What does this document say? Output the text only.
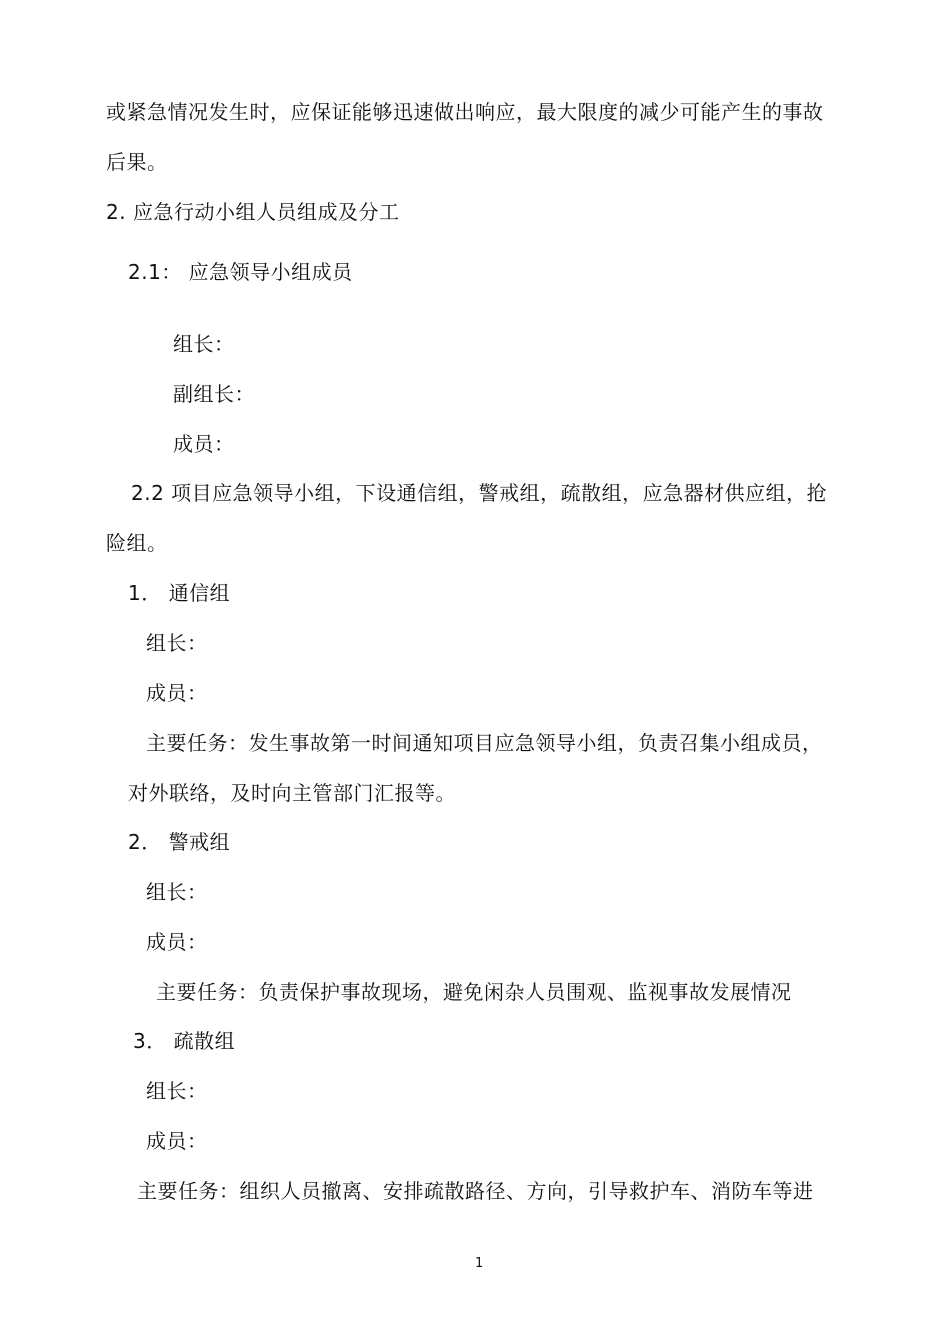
或紧急情况发生时，应保证能够迅速做出响应，最大限度的减少可能产生的事故
后果。
2. 应急行动小组人员组成及分工
2.1： 应急领导小组成员
组长：
副组长：
成员：
2.2 项目应急领导小组，下设通信组，警戒组，疏散组，应急器材供应组，抢
险组。
1． 通信组
组长：
成员：
主要任务：发生事故第一时间通知项目应急领导小组，负责召集小组成员，
对外联络，及时向主管部门汇报等。
2． 警戒组
组长：
成员：
主要任务：负责保护事故现场，避免闲杂人员围观、监视事故发展情况
3． 疏散组
组长：
成员：
主要任务：组织人员撤离、安排疏散路径、方向，引导救护车、消防车等进
1
